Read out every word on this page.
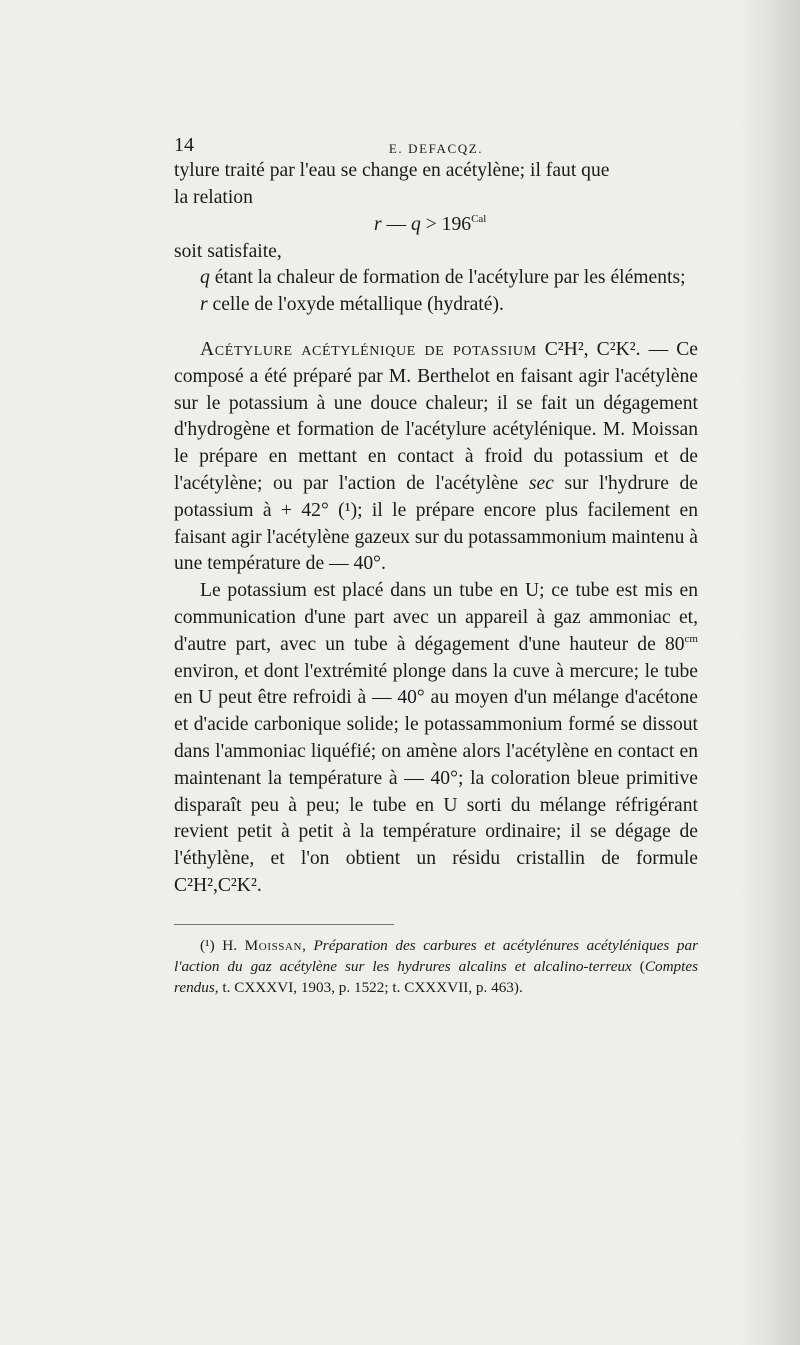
14	E. DEFACQZ.

tylure traité par l'eau se change en acétylène; il faut que
la relation

r — $q > 196^{Cal}$

soit satisfaite,

q étant la chaleur de formation de l'acétylure par les éléments;

r celle de l'oxyde métallique (hydraté).

Acétylure acétylénique de potassium C²H², C²K². — Ce composé a été préparé par M. Berthelot en faisant agir l'acétylène sur le potassium à une douce chaleur; il se fait un dégagement d'hydrogène et formation de l'acétylure acétylénique. M. Moissan le prépare en mettant en contact à froid du potassium et de l'acétylène; ou par l'action de l'acétylène sec sur l'hydrure de potassium à + 42° (¹); il le prépare encore plus facilement en faisant agir l'acétylène gazeux sur du potassammonium maintenu à une température de — 40°.

Le potassium est placé dans un tube en U; ce tube est mis en communication d'une part avec un appareil à gaz ammoniac et, d'autre part, avec un tube à dégagement d'une hauteur de $80^{cm}$ environ, et dont l'extrémité plonge dans la cuve à mercure; le tube en U peut être refroidi à — 40° au moyen d'un mélange d'acétone et d'acide carbonique solide; le potassammonium formé se dissout dans l'ammoniac liquéfié; on amène alors l'acétylène en contact en maintenant la température à — 40°; la coloration bleue primitive disparaît peu à peu; le tube en U sorti du mélange réfrigérant revient petit à petit à la température ordinaire; il se dégage de l'éthylène, et l'on obtient un résidu cristallin de formule C²H²,C²K².

(¹) H. Moissan, Préparation des carbures et acétylénures acétyléniques par l'action du gaz acétylène sur les hydrures alcalins et alcalino-terreux (Comptes rendus, t. CXXXVI, 1903, p. 1522; t. CXXXVII, p. 463).
